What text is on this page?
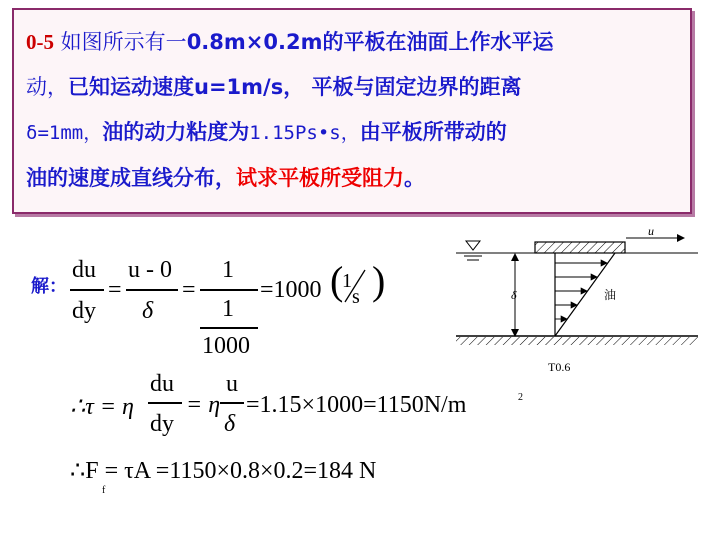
0-5 如图所示有一0.8m×0.2m的平板在油面上作水平运
动，已知运动速度u=1m/s， 平板与固定边界的距离
δ=1mm，油的动力粘度为1.15Ps•s，由平板所带动的
油的速度成直线分布，试求平板所受阻力。
解：
du
dy
=
u - 0
δ
=
1
1
1000
=1000 (
1
s )
∴τ = η
du
dy
= η
u
δ
=1.15×1000=1150N/m	2
∴F = τA =1150×0.8×0.2=184 N
f
u
δ	油
T0.6
